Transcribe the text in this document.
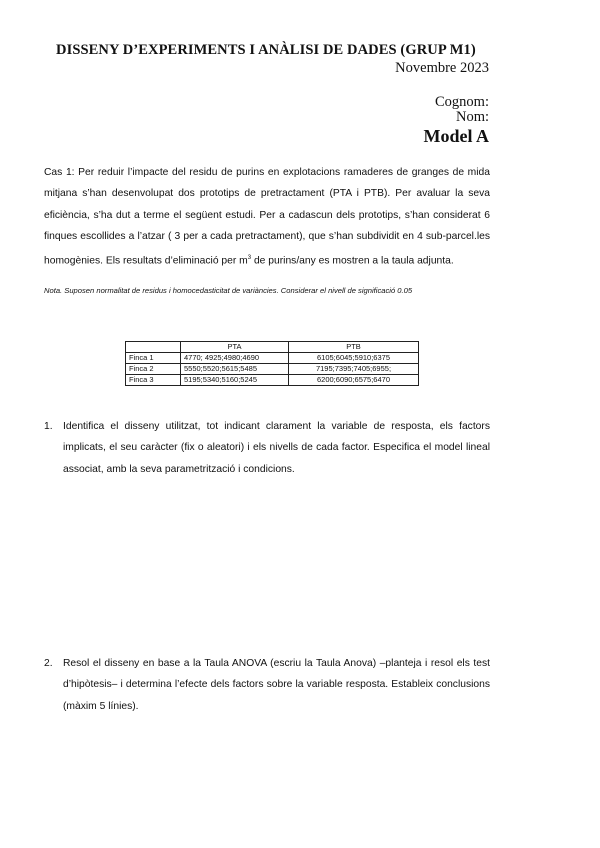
DISSENY D’EXPERIMENTS I ANÀLISI DE DADES (GRUP M1)
Novembre 2023
Cognom:
Nom:
Model A
Cas 1: Per reduir l’impacte del residu de purins en explotacions ramaderes de granges de mida mitjana s’han desenvolupat dos prototips de pretractament (PTA i PTB). Per avaluar la seva eficiència, s’ha dut a terme el següent estudi. Per a cadascun dels prototips, s’han considerat 6 finques escollides a l’atzar ( 3 per a cada pretractament), que s’han subdividit en 4 sub-parcel.les homogènies. Els resultats d’eliminació per $m^3$ de purins/any es mostren a la taula adjunta.
Nota. Suposen normalitat de residus i homocedasticitat de variàncies. Considerar el nivell de significació 0.05
	PTA	PTB
Finca 1	4770; 4925;4980;4690	6105;6045;5910;6375
Finca 2	5550;5520;5615;5485	7195;7395;7405;6955;
Finca 3	5195;5340;5160;5245	6200;6090;6575;6470
1. Identifica el disseny utilitzat, tot indicant clarament la variable de resposta, els factors implicats, el seu caràcter (fix o aleatori) i els nivells de cada factor. Especifica el model lineal associat, amb la seva parametrització i condicions.
2. Resol el disseny en base a la Taula ANOVA (escriu la Taula Anova) –planteja i resol els test d’hipòtesis– i determina l’efecte dels factors sobre la variable resposta. Estableix conclusions (màxim 5 línies).
